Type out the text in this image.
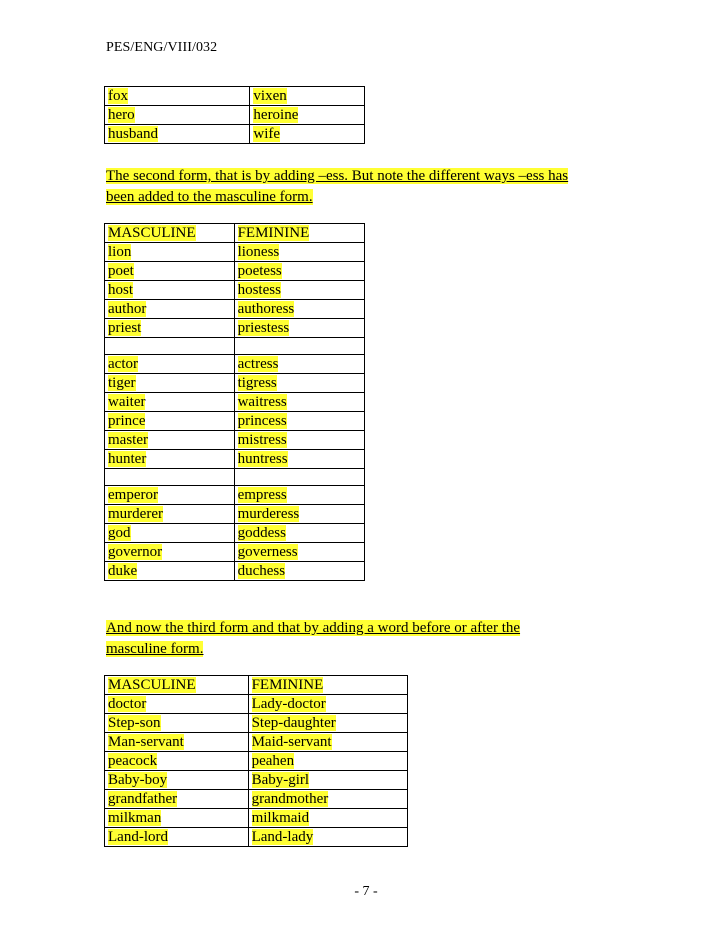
PES/ENG/VIII/032
fox	vixen
hero	heroine
husband	wife
The second form, that is by adding –ess. But note the different ways –ess has
been added to the masculine form.
MASCULINE	FEMININE
lion	lioness
poet	poetess
host	hostess
author	authoress
priest	priestess

actor	actress
tiger	tigress
waiter	waitress
prince	princess
master	mistress
hunter	huntress

emperor	empress
murderer	murderess
god	goddess
governor	governess
duke	duchess
And now the third form and that by adding a word before or after the
masculine form.
MASCULINE	FEMININE
doctor	Lady-doctor
Step-son	Step-daughter
Man-servant	Maid-servant
peacock	peahen
Baby-boy	Baby-girl
grandfather	grandmother
milkman	milkmaid
Land-lord	Land-lady
- 7 -
